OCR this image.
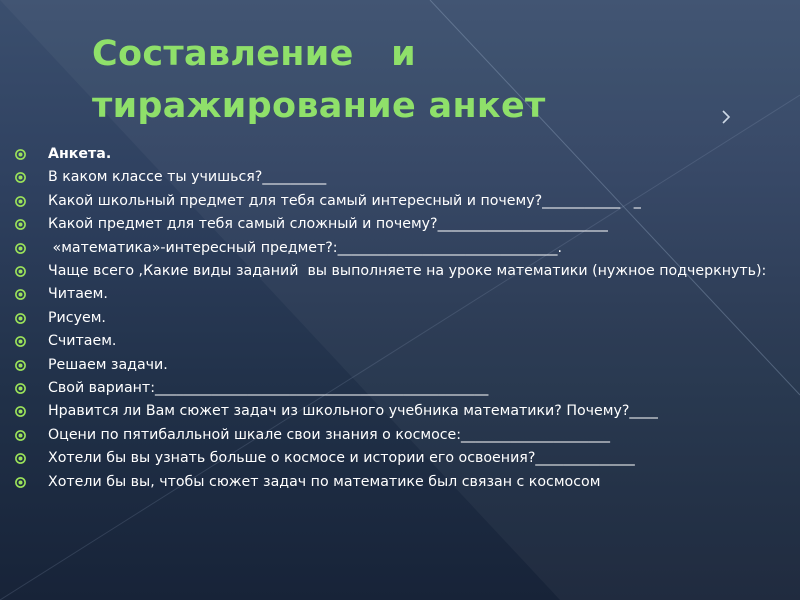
Составление   и
тиражирование анкет
Анкета.
В каком классе ты учишься?_________
Какой школьный предмет для тебя самый интересный и почему?___________   _
Какой предмет для тебя самый сложный и почему?________________________
«математика»-интересный предмет?:_______________________________.
Чаще всего ,Какие виды заданий  вы выполняете на уроке математики (нужное подчеркнуть):
Читаем.
Рисуем.
Считаем.
Решаем задачи.
Свой вариант:_______________________________________________
Нравится ли Вам сюжет задач из школьного учебника математики? Почему?____
Оцени по пятибалльной шкале свои знания о космосе:_____________________
Хотели бы вы узнать больше о космосе и истории его освоения?______________
Хотели бы вы, чтобы сюжет задач по математике был связан с космосом
